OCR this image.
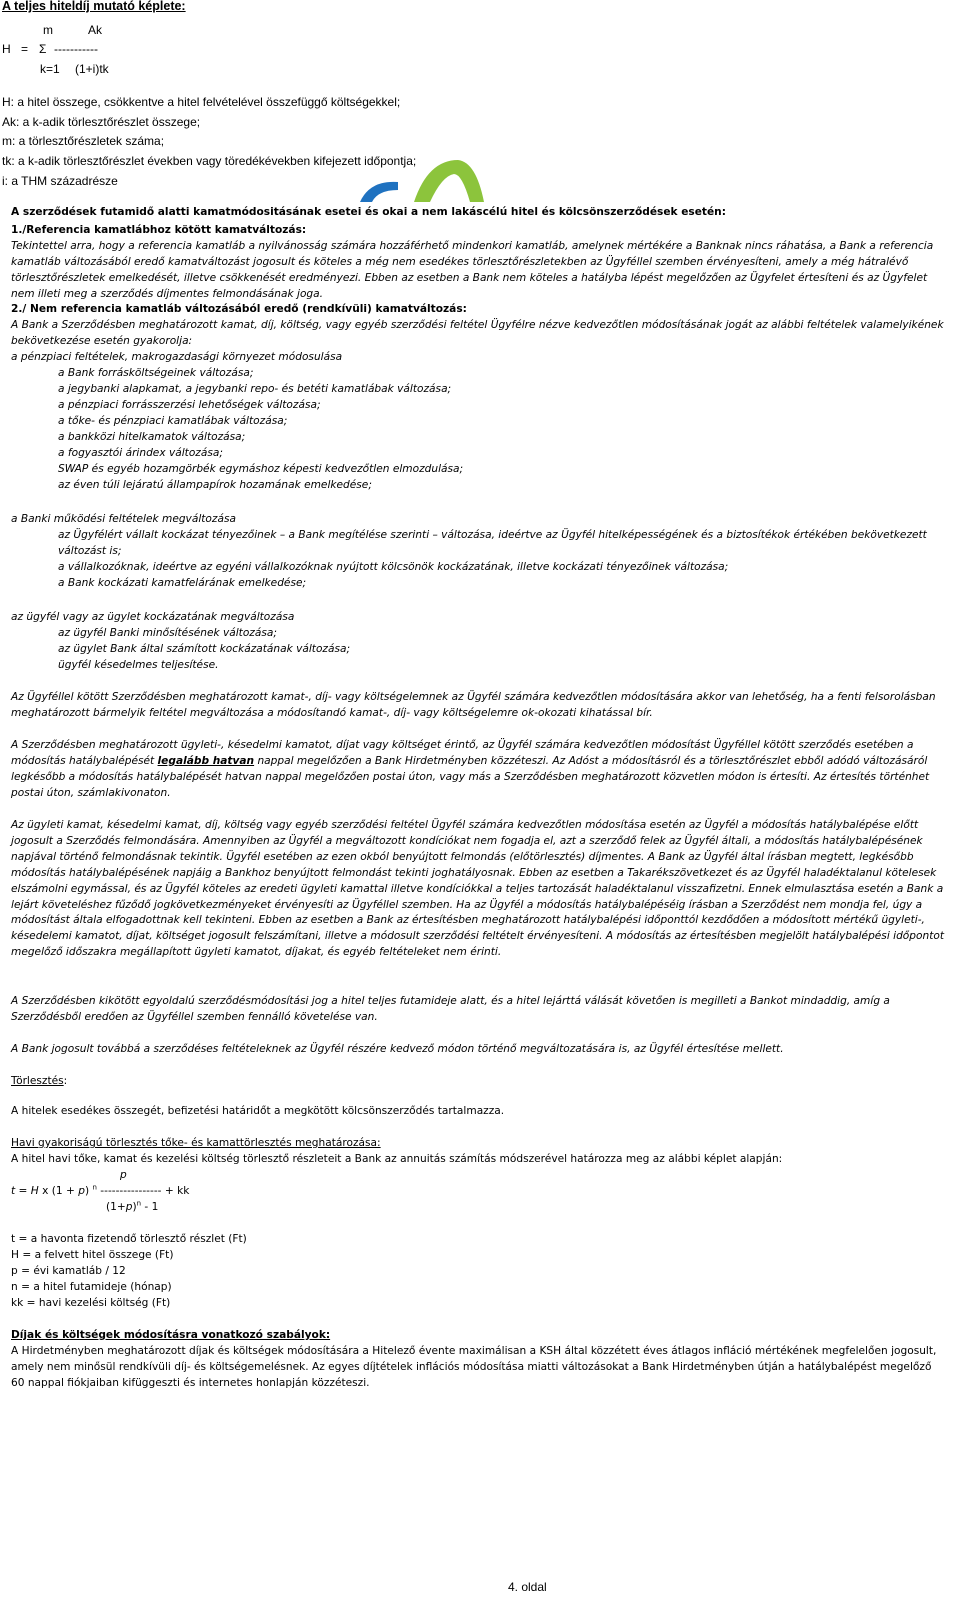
A teljes hiteldíj mutató képlete:
m	Ak
H = Σ -----------
k=1 (1+i)tk
H: a hitel összege, csökkentve a hitel felvételével összefüggő költségekkel;
Ak: a k-adik törlesztőrészlet összege;
m: a törlesztőrészletek száma;
tk: a k-adik törlesztőrészlet években vagy töredékévekben kifejezett időpontja;
i: a THM századrésze
A szerződések futamidő alatti kamatmódositásának esetei és okai a nem lakáscélú hitel és kölcsönszerződések esetén:
1./Referencia kamatlábhoz kötött kamatváltozás:
Tekintettel arra, hogy a referencia kamatláb a nyilvánosság számára hozzáférhető mindenkori kamatláb, amelynek mértékére a Banknak nincs ráhatása, a Bank a referencia kamatláb változásából eredő kamatváltozást jogosult és köteles a még nem esedékes törlesztőrészletekben az Ügyféllel szemben érvényesíteni, amely a még hátralévő törlesztőrészletek emelkedését, illetve csökkenését eredményezi. Ebben az esetben a Bank nem köteles a hatályba lépést megelőzően az Ügyfelet értesíteni és az Ügyfelet nem illeti meg a szerződés díjmentes felmondásának joga.
2./ Nem referencia kamatláb változásából eredő (rendkívüli) kamatváltozás:
A Bank a Szerződésben meghatározott kamat, díj, költség, vagy egyéb szerződési feltétel Ügyfélre nézve kedvezőtlen módosításának jogát az alábbi feltételek valamelyikének bekövetkezése esetén gyakorolja:
a pénzpiaci feltételek, makrogazdasági környezet módosulása
a Bank forrásköltségeinek változása;
a jegybanki alapkamat, a jegybanki repo- és betéti kamatlábak változása;
a pénzpiaci forrásszerzési lehetőségek változása;
a tőke- és pénzpiaci kamatlábak változása;
a bankközi hitelkamatok változása;
a fogyasztói árindex változása;
SWAP és egyéb hozamgörbék egymáshoz képesti kedvezőtlen elmozdulása;
az éven túli lejáratú állampapírok hozamának emelkedése;
a Banki működési feltételek megváltozása
az Ügyfélért vállalt kockázat tényezőinek – a Bank megítélése szerinti – változása, ideértve az Ügyfél hitelképességének és a biztosítékok értékében bekövetkezett változást is;
a vállalkozóknak, ideértve az egyéni vállalkozóknak nyújtott kölcsönök kockázatának, illetve kockázati tényezőinek változása;
a Bank kockázati kamatfelárának emelkedése;
az ügyfél vagy az ügylet kockázatának megváltozása
az ügyfél Banki minősítésének változása;
az ügylet Bank által számított kockázatának változása;
ügyfél késedelmes teljesítése.
Az Ügyféllel kötött Szerződésben meghatározott kamat-, díj- vagy költségelemnek az Ügyfél számára kedvezőtlen módosítására akkor van lehetőség, ha a fenti felsorolásban meghatározott bármelyik feltétel megváltozása a módosítandó kamat-, díj- vagy költségelemre ok-okozati kihatással bír.
A Szerződésben meghatározott ügyleti-, késedelmi kamatot, díjat vagy költséget érintő, az Ügyfél számára kedvezőtlen módosítást Ügyféllel kötött szerződés esetében a módosítás hatálybalépését legalább hatvan nappal megelőzően a Bank Hirdetményben közzéteszi. Az Adóst a módosításról és a törlesztőrészlet ebből adódó változásáról legkésőbb a módosítás hatálybalépését hatvan nappal megelőzően postai úton, vagy más a Szerződésben meghatározott közvetlen módon is értesíti. Az értesítés történhet postai úton, számlakivonaton.
Az ügyleti kamat, késedelmi kamat, díj, költség vagy egyéb szerződési feltétel Ügyfél számára kedvezőtlen módosítása esetén az Ügyfél a módosítás hatálybalépése előtt jogosult a Szerződés felmondására. Amennyiben az Ügyfél a megváltozott kondíciókat nem fogadja el, azt a szerződő felek az Ügyfél általi, a módosítás hatálybalépésének napjával történő felmondásnak tekintik. Ügyfél esetében az ezen okból benyújtott felmondás (előtörlesztés) díjmentes. A Bank az Ügyfél által írásban megtett, legkésőbb módosítás hatálybalépésének napjáig a Bankhoz benyújtott felmondást tekinti joghatályosnak. Ebben az esetben a Takarékszövetkezet és az Ügyfél haladéktalanul kötelesek elszámolni egymással, és az Ügyfél köteles az eredeti ügyleti kamattal illetve kondíciókkal a teljes tartozását haladéktalanul visszafizetni. Ennek elmulasztása esetén a Bank a lejárt követeléshez fűződő jogkövetkezményeket érvényesíti az Ügyféllel szemben. Ha az Ügyfél a módosítás hatálybalépéséig írásban a Szerződést nem mondja fel, úgy a módosítást általa elfogadottnak kell tekinteni. Ebben az esetben a Bank az értesítésben meghatározott hatálybalépési időponttól kezdődően a módosított mértékű ügyleti-, késedelemi kamatot, díjat, költséget jogosult felszámítani, illetve a módosult szerződési feltételt érvényesíteni. A módosítás az értesítésben megjelölt hatálybalépési időpontot megelőző időszakra megállapított ügyleti kamatot, díjakat, és egyéb feltételeket nem érinti.
A Szerződésben kikötött egyoldalú szerződésmódosítási jog a hitel teljes futamideje alatt, és a hitel lejárttá válását követően is megilleti a Bankot mindaddig, amíg a Szerződésből eredően az Ügyféllel szemben fennálló követelése van.
A Bank jogosult továbbá a szerződéses feltételeknek az Ügyfél részére kedvező módon történő megváltozatására is, az Ügyfél értesítése mellett.
Törlesztés:
A hitelek esedékes összegét, befizetési határidőt a megkötött kölcsönszerződés tartalmazza.
Havi gyakoriságú törlesztés tőke- és kamattörlesztés meghatározása:
A hitel havi tőke, kamat és kezelési költség törlesztő részleteit a Bank az annuitás számítás módszerével határozza meg az alábbi képlet alapján:
p
t = H x (1 + p) $^n$ ---------------- + kk
$(1+p)^n - 1$
t = a havonta fizetendő törlesztő részlet (Ft)
H = a felvett hitel összege (Ft)
p = évi kamatláb / 12
n = a hitel futamideje (hónap)
kk = havi kezelési költség (Ft)
Díjak és költségek módosításra vonatkozó szabályok:
A Hirdetményben meghatározott díjak és költségek módosítására a Hitelező évente maximálisan a KSH által közzétett éves átlagos infláció mértékének megfelelően jogosult, amely nem minősül rendkívüli díj- és költségemelésnek. Az egyes díjtételek inflációs módosítása miatti változásokat a Bank Hirdetményben útján a hatálybalépést megelőző 60 nappal fiókjaiban kifüggeszti és internetes honlapján közzéteszi.
4. oldal
